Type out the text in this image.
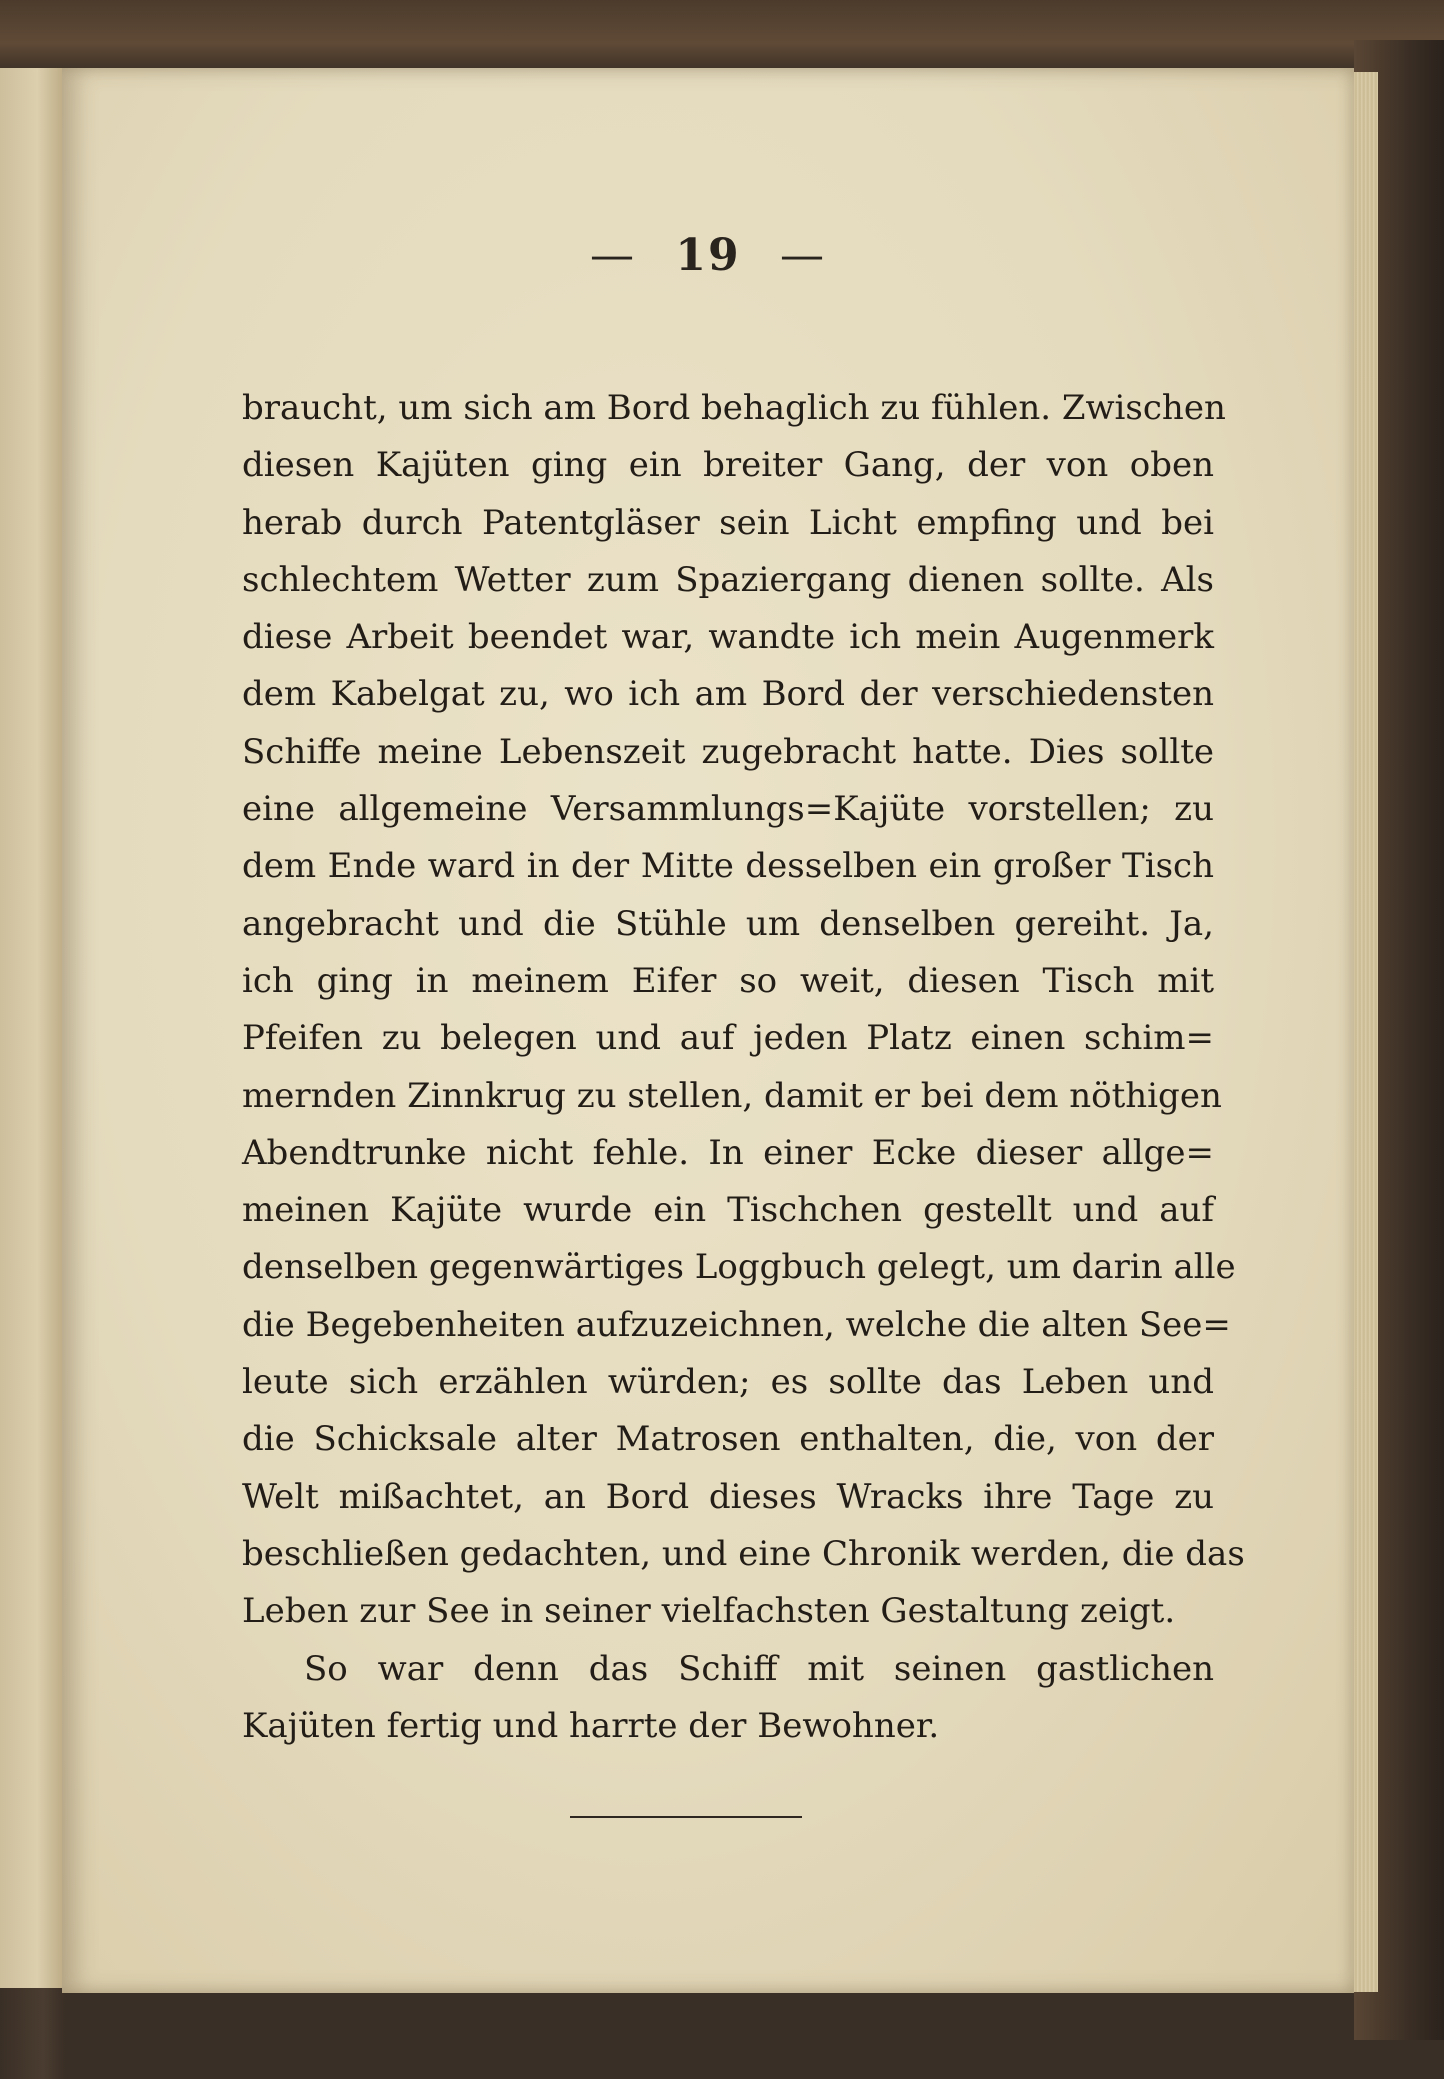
— 19 —
braucht, um sich am Bord behaglich zu fühlen. Zwischen
diesen Kajüten ging ein breiter Gang, der von oben
herab durch Patentgläser sein Licht empfing und bei
schlechtem Wetter zum Spaziergang dienen sollte. Als
diese Arbeit beendet war, wandte ich mein Augenmerk
dem Kabelgat zu, wo ich am Bord der verschiedensten
Schiffe meine Lebenszeit zugebracht hatte. Dies sollte
eine allgemeine Versammlungs=Kajüte vorstellen; zu
dem Ende ward in der Mitte desselben ein großer Tisch
angebracht und die Stühle um denselben gereiht. Ja,
ich ging in meinem Eifer so weit, diesen Tisch mit
Pfeifen zu belegen und auf jeden Platz einen schim=
mernden Zinnkrug zu stellen, damit er bei dem nöthigen
Abendtrunke nicht fehle. In einer Ecke dieser allge=
meinen Kajüte wurde ein Tischchen gestellt und auf
denselben gegenwärtiges Loggbuch gelegt, um darin alle
die Begebenheiten aufzuzeichnen, welche die alten See=
leute sich erzählen würden; es sollte das Leben und
die Schicksale alter Matrosen enthalten, die, von der
Welt mißachtet, an Bord dieses Wracks ihre Tage zu
beschließen gedachten, und eine Chronik werden, die das
Leben zur See in seiner vielfachsten Gestaltung zeigt.
So war denn das Schiff mit seinen gastlichen
Kajüten fertig und harrte der Bewohner.
